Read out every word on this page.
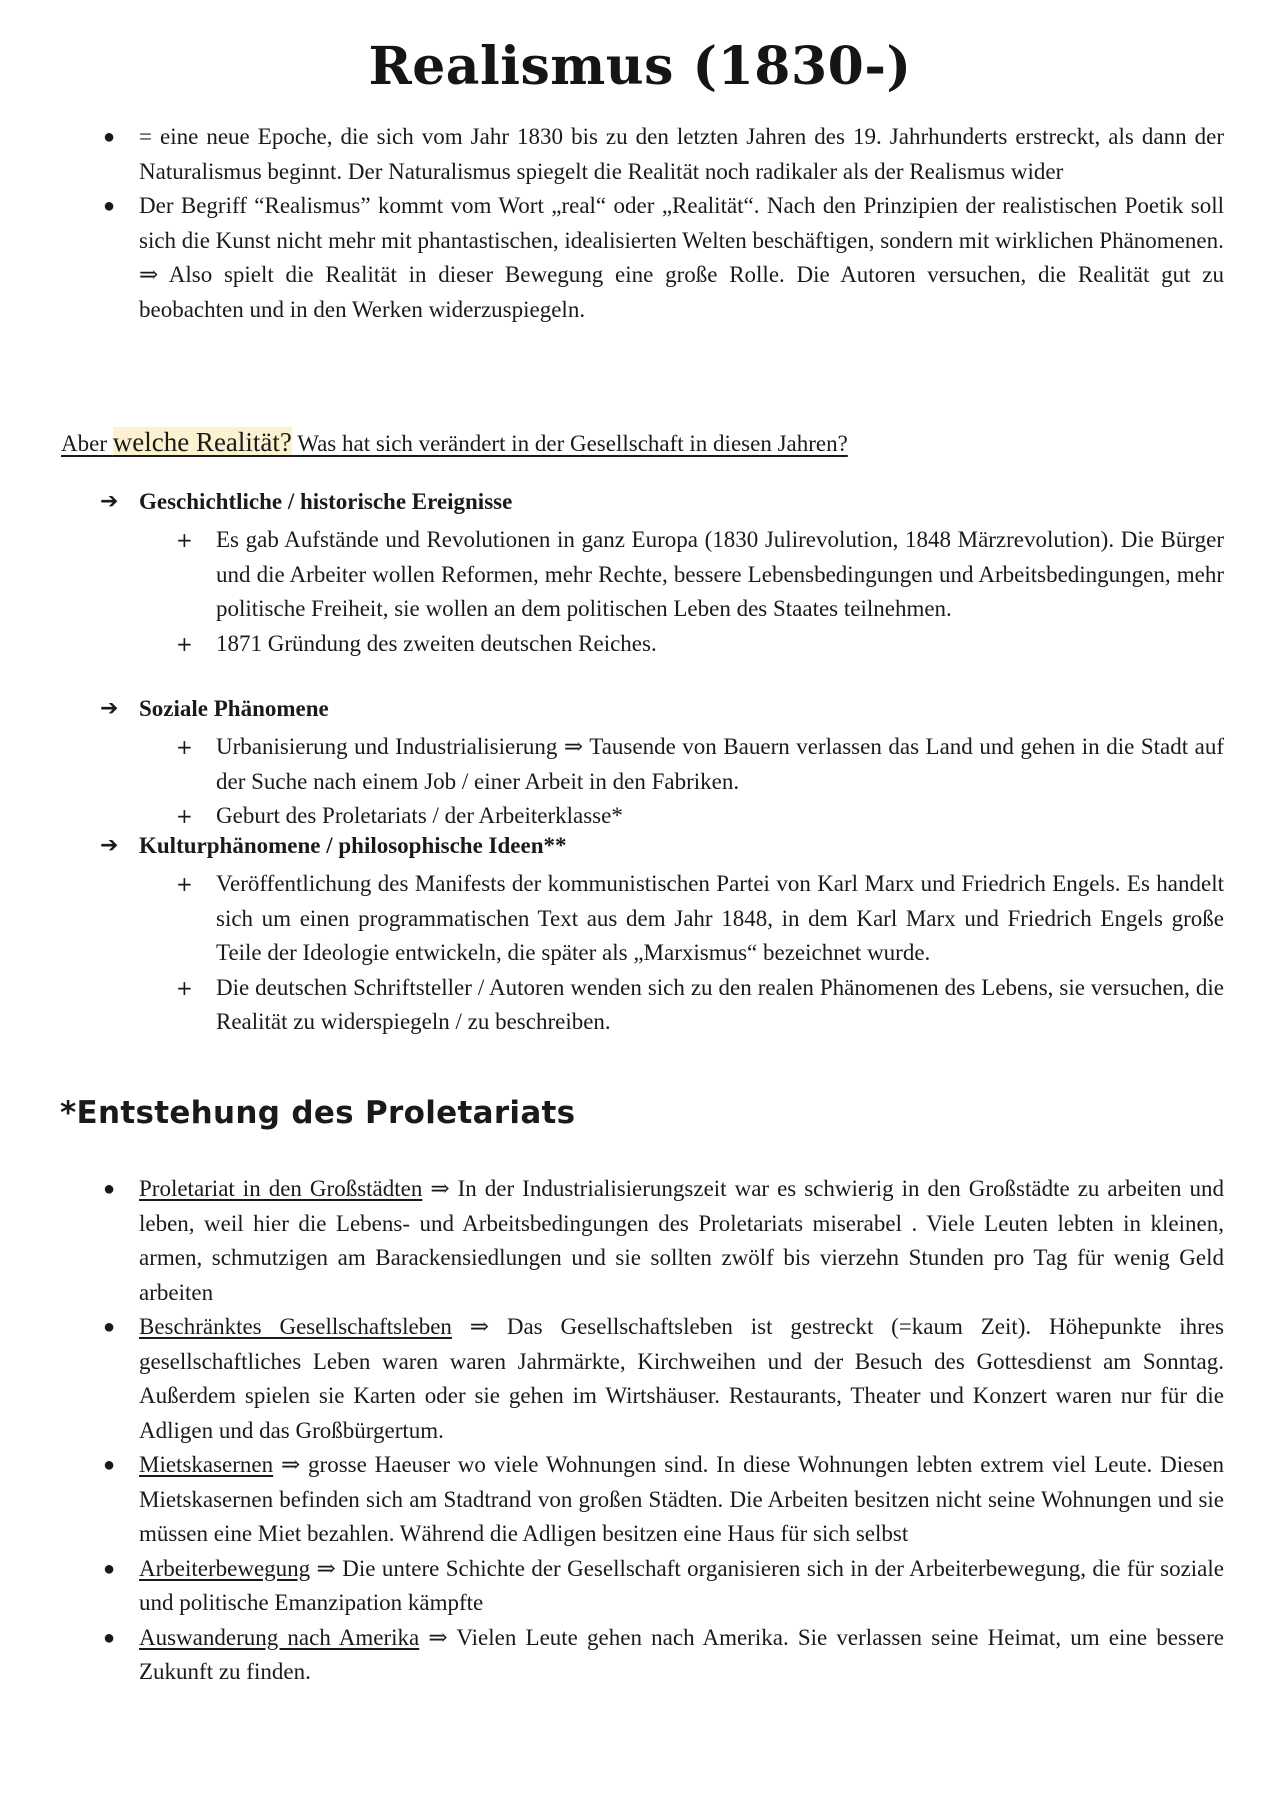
Realismus (1830-)
● = eine neue Epoche, die sich vom Jahr 1830 bis zu den letzten Jahren des 19. Jahrhunderts erstreckt, als dann der Naturalismus beginnt. Der Naturalismus spiegelt die Realität noch radikaler als der Realismus wider
● Der Begriff “Realismus” kommt vom Wort „real“ oder „Realität“. Nach den Prinzipien der realistischen Poetik soll sich die Kunst nicht mehr mit phantastischen, idealisierten Welten beschäftigen, sondern mit wirklichen Phänomenen.
⇒ Also spielt die Realität in dieser Bewegung eine große Rolle. Die Autoren versuchen, die Realität gut zu beobachten und in den Werken widerzuspiegeln.
Aber welche Realität? Was hat sich verändert in der Gesellschaft in diesen Jahren?
➔ Geschichtliche / historische Ereignisse
+ Es gab Aufstände und Revolutionen in ganz Europa (1830 Julirevolution, 1848 Märzrevolution). Die Bürger und die Arbeiter wollen Reformen, mehr Rechte, bessere Lebensbedingungen und Arbeitsbedingungen, mehr politische Freiheit, sie wollen an dem politischen Leben des Staates teilnehmen.
+ 1871 Gründung des zweiten deutschen Reiches.
➔ Soziale Phänomene
+ Urbanisierung und Industrialisierung ⇒ Tausende von Bauern verlassen das Land und gehen in die Stadt auf der Suche nach einem Job / einer Arbeit in den Fabriken.
+ Geburt des Proletariats / der Arbeiterklasse*
➔ Kulturphänomene / philosophische Ideen**
+ Veröffentlichung des Manifests der kommunistischen Partei von Karl Marx und Friedrich Engels. Es handelt sich um einen programmatischen Text aus dem Jahr 1848, in dem Karl Marx und Friedrich Engels große Teile der Ideologie entwickeln, die später als „Marxismus“ bezeichnet wurde.
+ Die deutschen Schriftsteller / Autoren wenden sich zu den realen Phänomenen des Lebens, sie versuchen, die Realität zu widerspiegeln / zu beschreiben.
*Entstehung des Proletariats
● Proletariat in den Großstädten ⇒ In der Industrialisierungszeit war es schwierig in den Großstädte zu arbeiten und leben, weil hier die Lebens- und Arbeitsbedingungen des Proletariats miserabel . Viele Leuten lebten in kleinen, armen, schmutzigen am Barackensiedlungen und sie sollten zwölf bis vierzehn Stunden pro Tag für wenig Geld arbeiten
● Beschränktes Gesellschaftsleben ⇒ Das Gesellschaftsleben ist gestreckt (=kaum Zeit). Höhepunkte ihres gesellschaftliches Leben waren waren Jahrmärkte, Kirchweihen und der Besuch des Gottesdienst am Sonntag. Außerdem spielen sie Karten oder sie gehen im Wirtshäuser. Restaurants, Theater und Konzert waren nur für die Adligen und das Großbürgertum.
● Mietskasernen ⇒ grosse Haeuser wo viele Wohnungen sind. In diese Wohnungen lebten extrem viel Leute. Diesen Mietskasernen befinden sich am Stadtrand von großen Städten. Die Arbeiten besitzen nicht seine Wohnungen und sie müssen eine Miet bezahlen. Während die Adligen besitzen eine Haus für sich selbst
● Arbeiterbewegung ⇒ Die untere Schichte der Gesellschaft organisieren sich in der Arbeiterbewegung, die für soziale und politische Emanzipation kämpfte
● Auswanderung nach Amerika ⇒ Vielen Leute gehen nach Amerika. Sie verlassen seine Heimat, um eine bessere Zukunft zu finden.
